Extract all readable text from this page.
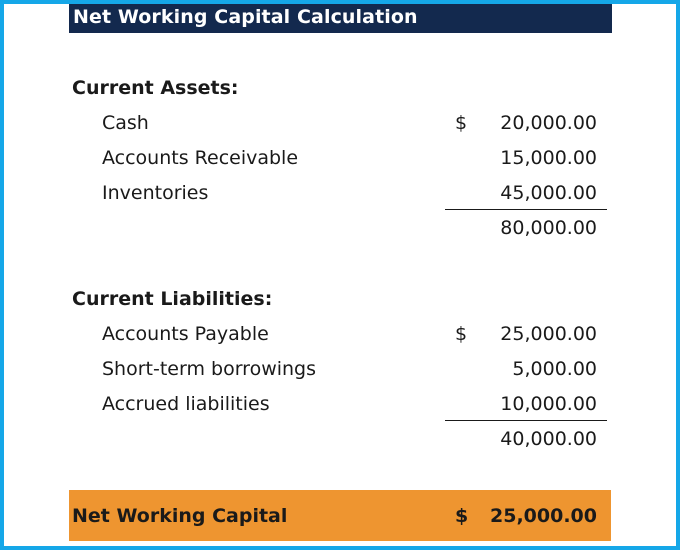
Net Working Capital Calculation
Current Assets:
Cash	$ 20,000.00
Accounts Receivable	15,000.00
Inventories	45,000.00
80,000.00
Current Liabilities:
Accounts Payable	$ 25,000.00
Short-term borrowings	5,000.00
Accrued liabilities	10,000.00
40,000.00
Net Working Capital	$ 25,000.00
